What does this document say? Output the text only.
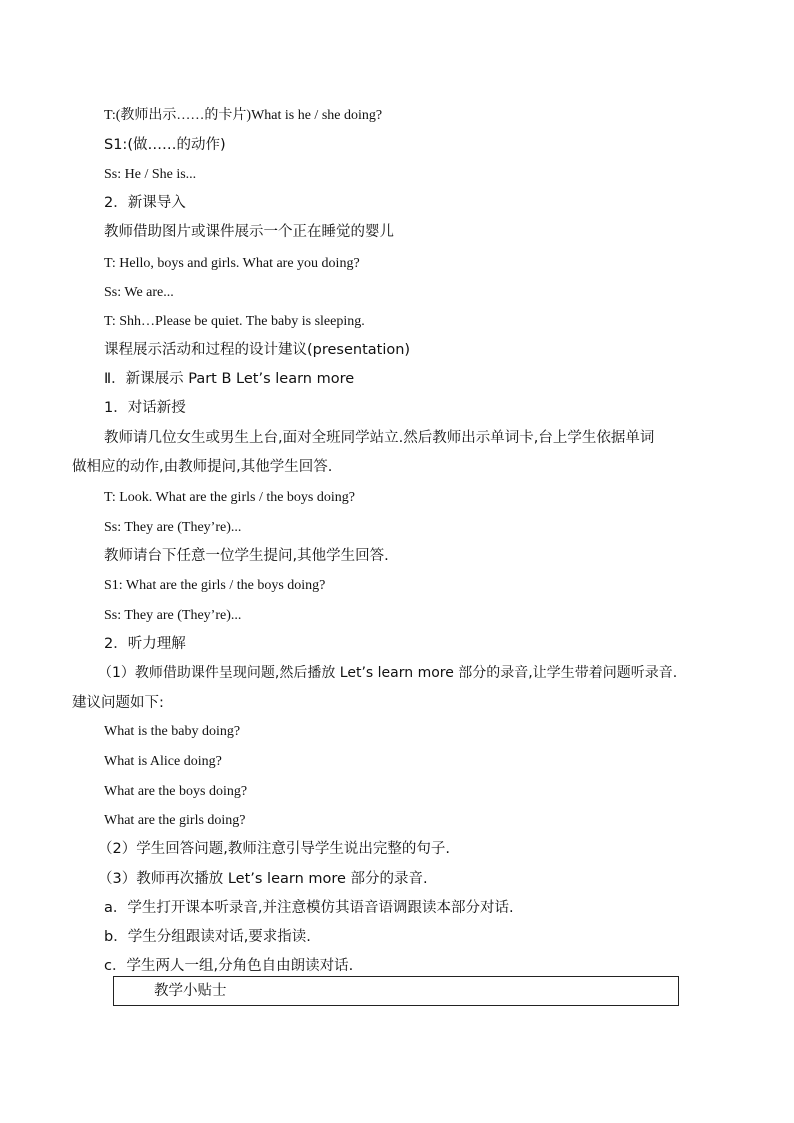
T:(教师出示……的卡片)What is he / she doing?
S1:(做……的动作)
Ss: He / She is...
2．新课导入
教师借助图片或课件展示一个正在睡觉的婴儿
T: Hello, boys and girls. What are you doing?
Ss: We are...
T: Shh…Please be quiet. The baby is sleeping.
课程展示活动和过程的设计建议(presentation)
Ⅱ．新课展示 Part B Let’s learn more
1．对话新授
教师请几位女生或男生上台,面对全班同学站立.然后教师出示单词卡,台上学生依据单词
做相应的动作,由教师提问,其他学生回答.
T: Look. What are the girls / the boys doing?
Ss: They are (They’re)...
教师请台下任意一位学生提问,其他学生回答.
S1: What are the girls / the boys doing?
Ss: They are (They’re)...
2．听力理解
（1）教师借助课件呈现问题,然后播放 Let’s learn more 部分的录音,让学生带着问题听录音.
建议问题如下:
What is the baby doing?
What is Alice doing?
What are the boys doing?
What are the girls doing?
（2）学生回答问题,教师注意引导学生说出完整的句子.
（3）教师再次播放 Let’s learn more 部分的录音.
a．学生打开课本听录音,并注意模仿其语音语调跟读本部分对话.
b．学生分组跟读对话,要求指读.
c．学生两人一组,分角色自由朗读对话.
教学小贴士
